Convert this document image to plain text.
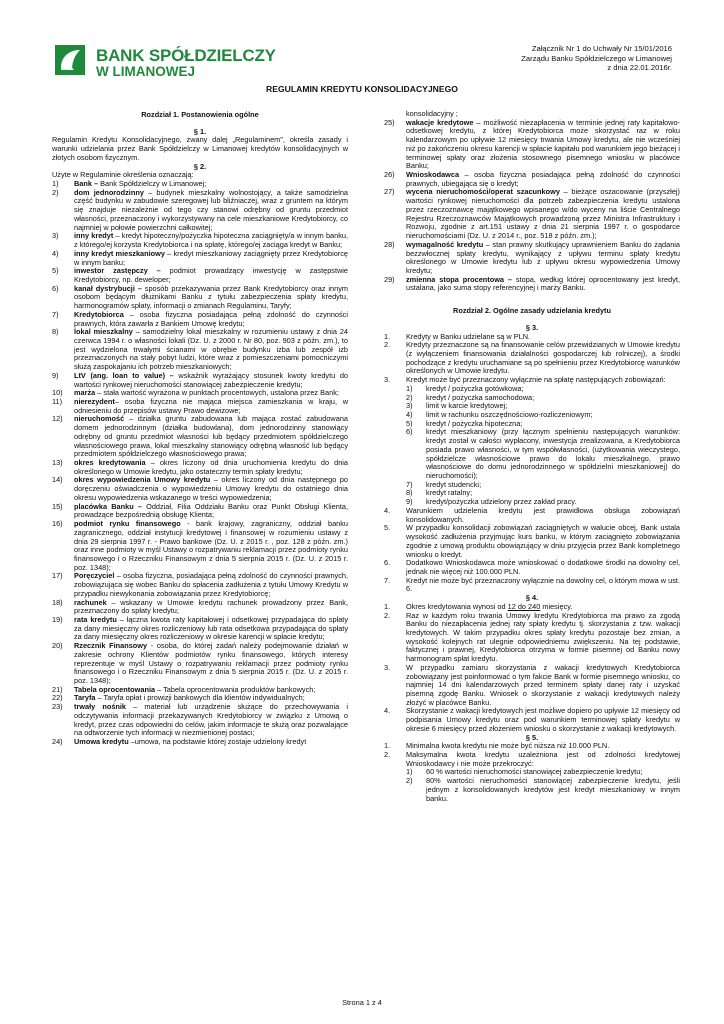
BANK SPÓŁDZIELCZY
W LIMANOWEJ
Załącznik Nr 1 do Uchwały Nr 15/01/2016
Zarządu Banku Spółdzielczego w Limanowej
z dnia 22.01.2016r.
REGULAMIN KREDYTU KONSOLIDACYJNEGO

Rozdział 1. Postanowienia ogólne

§ 1.

Regulamin Kredytu Konsolidacyjnego, zwany dalej „Regulaminem", określa zasady i warunki udzielania przez Bank Spółdzielczy w Limanowej kredytów konsolidacyjnych w złotych osobom fizycznym.

§ 2.

Użyte w Regulaminie określenia oznaczają:

1)	Bank – Bank Spółdzielczy w Limanowej;
2)	dom jednorodzinny – budynek mieszkalny wolnostojący, a także samodzielna część budynku w zabudowie szeregowej lub bliźniaczej, wraz z gruntem na którym się znajduje niezależnie od tego czy stanowi odrębny od gruntu przedmiot własności, przeznaczony i wykorzystywany na cele mieszkaniowe Kredytobiorcy, co najmniej w połowie powierzchni całkowitej;
3)	inny kredyt – kredyt hipoteczny/pożyczka hipoteczna zaciągnięty/a w innym banku, z którego/ej korzysta Kredytobiorca i na spłatę, którego/ej zaciąga kredyt w Banku;
4)	inny kredyt mieszkaniowy – kredyt mieszkaniowy zaciągnięty przez Kredytobiorcę w innym banku;
5)	inwestor zastępczy – podmiot prowadzący inwestycję w zastępstwie Kredytobiorcy, np. deweloper;
6)	kanał dystrybucji – sposób przekazywania przez Bank Kredytobiorcy oraz innym osobom będącym dłużnikami Banku z tytułu zabezpieczenia spłaty kredytu, harmonogramów spłaty, informacji o zmianach Regulaminu, Taryfy;
7)	Kredytobiorca – osoba fizyczna posiadająca pełną zdolność do czynności prawnych, która zawarła z Bankiem Umowę kredytu;
8)	lokal mieszkalny – samodzielny lokal mieszkalny w rozumieniu ustawy z dnia 24 czerwca 1994 r. o własności lokali (Dz. U. z 2000 r. Nr 80, poz. 903 z późn. zm.), to jest wydzielona trwałymi ścianami w obrębie budynku izba lub zespół izb przeznaczonych na stały pobyt ludzi, które wraz z pomieszczeniami pomocniczymi służą zaspokajaniu ich potrzeb mieszkaniowych;
9)	LtV (ang. loan to value) – wskaźnik wyrażający stosunek kwoty kredytu do wartości rynkowej nieruchomości stanowiącej zabezpieczenie kredytu;
10)	marża – stała wartość wyrażona w punktach procentowych, ustalona przez Bank;
11)	nierezydent– osoba fizyczna nie mająca miejsca zamieszkania w kraju, w odniesieniu do przepisów ustawy Prawo dewizowe;
12)	nieruchomość – działka gruntu zabudowana lub mająca zostać zabudowana domem jednorodzinnym (działka budowlana), dom jednorodzinny stanowiący odrębny od gruntu przedmiot własności lub będący przedmiotem spółdzielczego własnościowego prawa, lokal mieszkalny stanowiący odrębną własność lub będący przedmiotem spółdzielczego własnościowego prawa;
13)	okres kredytowania – okres liczony od dnia uruchomienia kredytu do dnia określonego w Umowie kredytu, jako ostateczny termin spłaty kredytu;
14)	okres wypowiedzenia Umowy kredytu – okres liczony od dnia następnego po doręczeniu oświadczenia o wypowiedzeniu Umowy kredytu do ostatniego dnia okresu wypowiedzenia wskazanego w treści wypowiedzenia;
15)	placówka Banku – Oddział, Filia Oddziału Banku oraz Punkt Obsługi Klienta, prowadzące bezpośrednią obsługę Klienta;
16)	podmiot rynku finansowego - bank krajowy, zagraniczny, oddział banku zagranicznego, oddział instytucji kredytowej i finansowej w rozumieniu ustawy z dnia 29 sierpnia 1997 r. - Prawo bankowe (Dz. U. z 2015 r. , poz. 128 z późn. zm.) oraz inne podmioty w myśl Ustawy o rozpatrywaniu reklamacji przez podmioty rynku finansowego i o Rzeczniku Finansowym z dnia 5 sierpnia 2015 r. (Dz. U. z 2015 r. poz. 1348);
17)	Poręczyciel – osoba fizyczna, posiadająca pełną zdolność do czynności prawnych, zobowiązująca się wobec Banku do spłacenia zadłużenia z tytułu Umowy Kredytu w przypadku niewykonania zobowiązania przez Kredytobiorcę;
18)	rachunek – wskazany w Umowie kredytu rachunek prowadzony przez Bank, przeznaczony do spłaty kredytu;
19)	rata kredytu – łączna kwota raty kapitałowej i odsetkowej przypadająca do spłaty za dany miesięczny okres rozliczeniowy lub rata odsetkowa przypadająca do spłaty za dany miesięczny okres rozliczeniowy w okresie karencji w spłacie kredytu;
20)	Rzecznik Finansowy - osoba, do której zadań należy podejmowanie działań w zakresie ochrony Klientów podmiotów rynku finansowego, których interesy reprezentuje w myśl Ustawy o rozpatrywaniu reklamacji przez podmioty rynku finansowego i o Rzeczniku Finansowym z dnia 5 sierpnia 2015 r. (Dz. U. z 2015 r. poz. 1348);
21)	Tabela oprocentowania – Tabela oprocentowania produktów bankowych;
22)	Taryfa – Taryfa opłat i prowizji bankowych dla klientów indywidualnych;
23)	trwały nośnik – materiał lub urządzenie służące do przechowywania i odczytywania informacji przekazywanych Kredytobiorcy w związku z Umową o kredyt, przez czas odpowiedni do celów, jakim informacje te służą oraz pozwalające na odtworzenie tych informacji w niezmienionej postaci;
24)	Umowa kredytu –umowa, na podstawie której zostaje udzielony kredyt

konsolidacyjny ;

25)	wakacje kredytowe – możliwość niezapłacenia w terminie jednej raty kapitałowo-odsetkowej kredytu, z której Kredytobiorca może skorzystać raz w roku kalendarzowym po upływie 12 miesięcy trwania Umowy kredytu, ale nie wcześniej niż po zakończeniu okresu karencji w spłacie kapitału pod warunkiem jego bieżącej i terminowej spłaty oraz złożenia stosownego pisemnego wniosku w placówce Banku;
26)	Wnioskodawca – osoba fizyczna posiadająca pełną zdolność do czynności prawnych, ubiegająca się o kredyt;
27)	wycena nieruchomości/operat szacunkowy – bieżące oszacowanie (przyszłej) wartości rynkowej nieruchomości dla potrzeb zabezpieczenia kredytu ustalona przez rzeczoznawcę majątkowego wpisanego w/do wyceny na liście Centralnego Rejestru Rzeczoznawców Majątkowych prowadzoną przez Ministra Infrastruktury i Rozwoju, zgodnie z art.151 ustawy z dnia 21 sierpnia 1997 r. o gospodarce nieruchomościami (Dz. U. z 2014 r., poz. 518 z późn. zm.);
28)	wymagalność kredytu – stan prawny skutkujący uprawnieniem Banku do żądania bezzwłocznej spłaty kredytu, wynikający z upływu terminu spłaty kredytu określonego w Umowie kredytu lub z upływu okresu wypowiedzenia Umowy kredytu;
29)	zmienna stopa procentowa – stopa, według której oprocentowany jest kredyt, ustalana, jako suma stopy referencyjnej i marży Banku.

Rozdział 2. Ogólne zasady udzielania kredytu

§ 3.

1.	Kredyty w Banku udzielane są w PLN.
2.	Kredyty przeznaczone są na finansowanie celów przewidzianych w Umowie kredytu (z wyłączeniem finansowania działalności gospodarczej lub rolniczej), a środki pochodzące z kredytu uruchamiane są po spełnieniu przez Kredytobiorcę warunków określonych w Umowie kredytu.
3.	Kredyt może być przeznaczony wyłącznie na spłatę następujących zobowiązań:
1)	kredyt / pożyczka gotówkowa;
2)	kredyt / pożyczka samochodowa;
3)	limit w karcie kredytowej;
4)	limit w rachunku oszczędnościowo-rozliczeniowym;
5)	kredyt / pożyczka hipoteczna;
6)	kredyt mieszkaniowy (przy łącznym spełnieniu następujących warunków: kredyt został w całości wypłacony, inwestycja zrealizowana, a Kredytobiorca posiada prawo własności, w tym współwłasności, (użytkowania wieczystego, spółdzielcze własnościowe prawo do lokalu mieszkalnego, prawo własnościowe do domu jednorodzinnego w spółdzielni mieszkaniowej) do nieruchomości);
7)	kredyt studencki;
8)	kredyt ratalny;
9)	kredyt/pożyczka udzielony przez zakład pracy.
4.	Warunkiem udzielenia kredytu jest prawidłowa obsługa zobowiązań konsolidowanych.
5.	W przypadku konsolidacji zobowiązań zaciągniętych w walucie obcej, Bank ustala wysokość zadłużenia przyjmując kurs banku, w którym zaciągnięto zobowiązania zgodnie z umową produktu obowiązujący w dniu przyjęcia przez Bank kompletnego wniosku o kredyt.
6.	Dodatkowo Wnioskodawca może wnioskować o dodatkowe środki na dowolny cel, jednak nie więcej niż 100.000 PLN.
7.	Kredyt nie może być przeznaczony wyłącznie na dowolny cel, o którym mowa w ust. 6.

§ 4.

1.	Okres kredytowania wynosi od 12 do 240 miesięcy.
2.	Raz w każdym roku trwania Umowy kredytu Kredytobiorca ma prawo za zgodą Banku do niezapłacenia jednej raty spłaty kredytu tj. skorzystania z tzw. wakacji kredytowych. W takim przypadku okres spłaty kredytu pozostaje bez zmian, a wysokość kolejnych rat ulegnie odpowiedniemu zwiększeniu. Na tej podstawie, faktycznej i prawnej, Kredytobiorca otrzyma w formie pisemnej od Banku nowy harmonogram spłat kredytu.
3.	W przypadku zamiaru skorzystania z wakacji kredytowych Kredytobiorca zobowiązany jest poinformować o tym fakcie Bank w formie pisemnego wniosku, co najmniej 14 dni kalendarzowych przed terminem spłaty danej raty i uzyskać pisemną zgodę Banku. Wniosek o skorzystanie z wakacji kredytowych należy złożyć w placówce Banku.
4.	Skorzystanie z wakacji kredytowych jest możliwe dopiero po upływie 12 miesięcy od podpisania Umowy kredytu oraz pod warunkiem terminowej spłaty kredytu w okresie 6 miesięcy przed złożeniem wniosku o skorzystanie z wakacji kredytowych.

§ 5.

1.	Minimalna kwota kredytu nie może być niższa niż 10.000 PLN.
2.	Maksymalna kwota kredytu uzależniona jest od zdolności kredytowej Wnioskodawcy i nie może przekroczyć:
1)	60 % wartości nieruchomości stanowiącej zabezpieczenie kredytu;
2)	80% wartości nieruchomości stanowiącej zabezpieczenie kredytu, jeśli jednym z konsolidowanych kredytów jest kredyt mieszkaniowy w innym banku.
Strona 1 z 4
